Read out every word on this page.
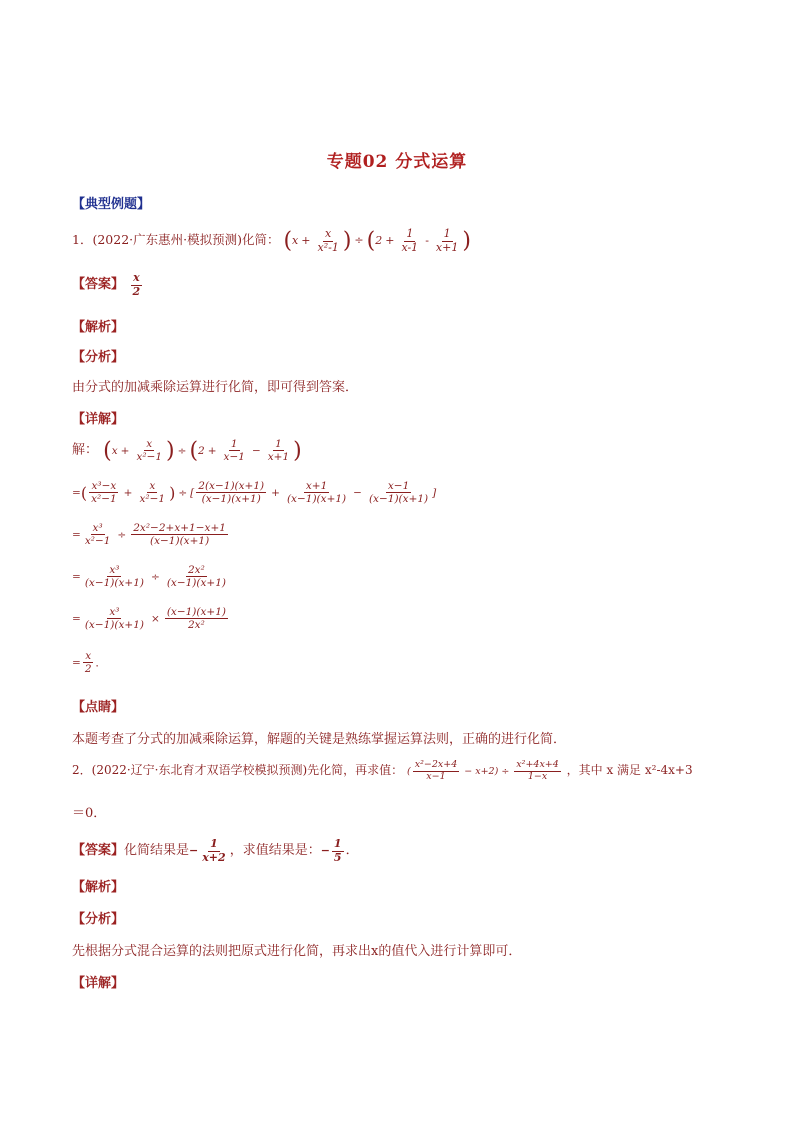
专题02 分式运算
【典型例题】
1．(2022·广东惠州·模拟预测)化简： ($x + \frac{x}{\text{x²-1}}$ ) ÷ ($2 + \frac{1}{x-1} - \frac{1}{x+1}$ )
【答案】 $\frac{x}{2}$
【解析】
【分析】
由分式的加减乘除运算进行化简，即可得到答案．
【详解】
解： ($x + \frac{x}{\text{x²−1}}$ ) ÷ ($2 + \frac{1}{x-1} - \frac{1}{x+1}$ )
=( $\frac{\text{x³−x}}{\text{x²−1}} + \frac{x}{\text{x²−1}}$ ) ÷ [ $\frac{2(x-1)(x+1)}{(x-1)(x+1)} + \frac{x+1}{(x-1)(x+1)} - \frac{x-1}{(x-1)(x+1)}$ ]
= $\frac{\text{x³}}{\text{x²−1}} \div \frac{\text{2x²−2+x+1−x+1}}{(x-1)(x+1)}$
= $\frac{\text{x³}}{(x-1)(x+1)} \div \frac{\text{2x²}}{(x-1)(x+1)}$
= $\frac{\text{x³}}{(x-1)(x+1)} \times \frac{(x-1)(x+1)}{\text{2x²}}$
= $\frac{x}{2}$ ．
【点睛】
本题考查了分式的加减乘除运算，解题的关键是熟练掌握运算法则，正确的进行化简．
2．(2022·辽宁·东北育才双语学校模拟预测)先化简，再求值： ( $\frac{\text{x²−2x+4}}{x-1} - x+2) \div \frac{\text{x²+4x+4}}{1-x}$ ，其中 x 满足 x²-4x+3
＝0．
【答案】化简结果是− $\frac{1}{x+2}$ ，求值结果是：− $\frac{1}{5}$ ．
【解析】
【分析】
先根据分式混合运算的法则把原式进行化简，再求出x的值代入进行计算即可．
【详解】
